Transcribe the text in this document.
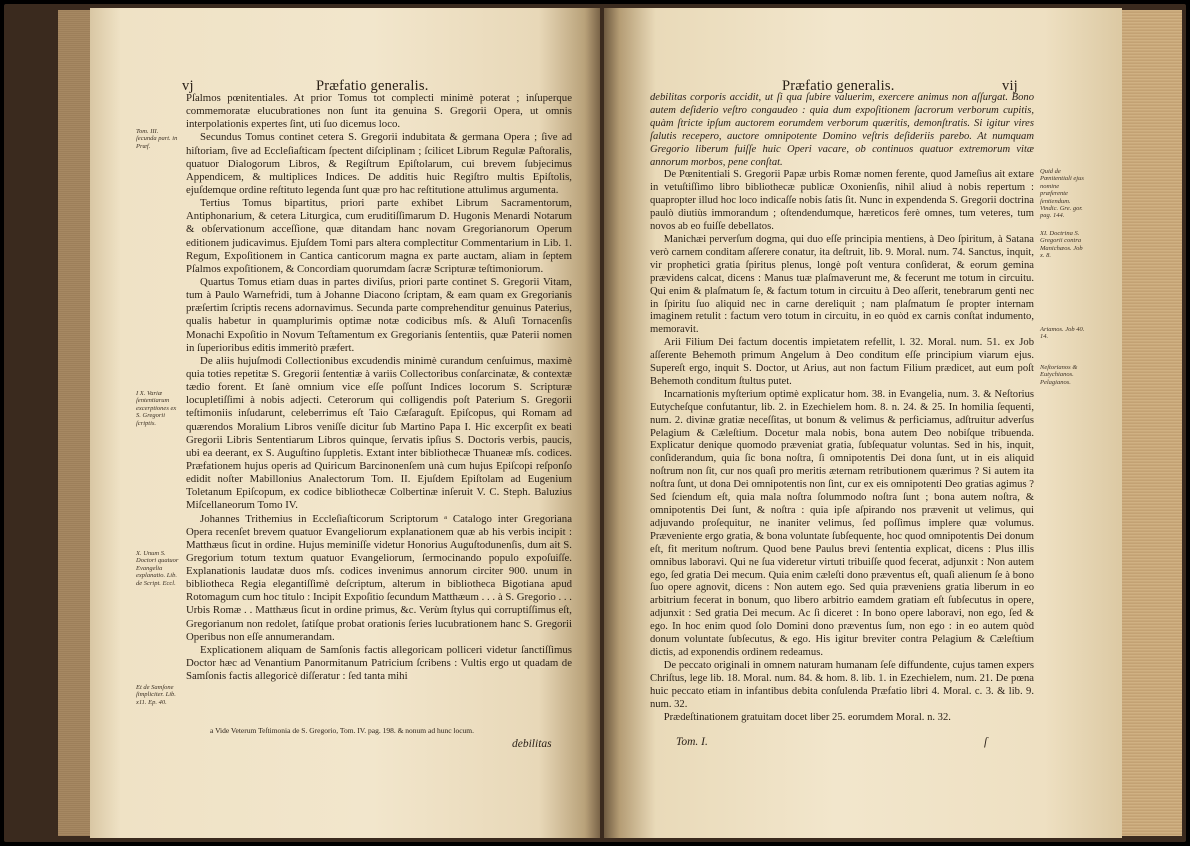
vj	Præfatio generalis.

Pſalmos pœnitentiales. At prior Tomus tot complecti minimè poterat ; inſuperque commemoratæ elucubrationes non ſunt ita genuina S. Gregorii Opera, ut omnis interpolationis expertes ſint, uti ſuo dicemus loco.

Secundus Tomus continet cetera S. Gregorii indubitata & germana Opera ; ſive ad hiſtoriam, ſive ad Eccleſiaſticam ſpectent diſciplinam ; ſcilicet Librum Regulæ Paſtoralis, quatuor Dialogorum Libros, & Regiſtrum Epiſtolarum, cui brevem ſubjecimus Appendicem, & multiplices Indices. De additis huic Regiſtro multis Epiſtolis, ejuſdemque ordine reſtituto legenda ſunt quæ pro hac reſtitutione attulimus argumenta.

Tertius Tomus bipartitus, priori parte exhibet Librum Sacramentorum, Antiphonarium, & cetera Liturgica, cum eruditiſſimarum D. Hugonis Menardi Notarum & obſervationum acceſſione, quæ ditandam hanc novam Gregorianorum Operum editionem judicavimus. Ejuſdem Tomi pars altera complectitur Commentarium in Lib. 1. Regum, Expoſitionem in Cantica canticorum magna ex parte auctam, aliam in ſeptem Pſalmos expoſitionem, & Concordiam quorumdam ſacræ Scripturæ teſtimoniorum.

Quartus Tomus etiam duas in partes diviſus, priori parte continet S. Gregorii Vitam, tum à Paulo Warnefridi, tum à Johanne Diacono ſcriptam, & eam quam ex Gregorianis præſertim ſcriptis recens adornavimus. Secunda parte comprehenditur genuinus Paterius, qualis habetur in quamplurimis optimæ notæ codicibus mſs. & Aluſi Tornacenſis Monachi Expoſitio in Novum Teſtamentum ex Gregorianis ſententiis, quæ Paterii nomen in ſuperioribus editis immeritò præfert.

De aliis hujuſmodi Collectionibus excudendis minimè curandum cenſuimus, maximè quia toties repetitæ S. Gregorii ſententiæ à variis Collectoribus conſarcinatæ, & contextæ tædio forent. Et ſanè omnium vice eſſe poſſunt Indices locorum S. Scripturæ locupletiſſimi à nobis adjecti. Ceterorum qui colligendis poſt Paterium S. Gregorii teſtimoniis inſudarunt, celeberrimus eſt Taio Cæſaraguſt. Epiſcopus, qui Romam ad quærendos Moralium Libros veniſſe dicitur ſub Martino Papa I. Hic excerpſit ex beati Gregorii Libris Sententiarum Libros quinque, ſervatis ipſius S. Doctoris verbis, paucis, ubi ea deerant, ex S. Auguſtino ſuppletis. Extant inter bibliothecæ Thuaneæ mſs. codices. Præfationem hujus operis ad Quiricum Barcinonenſem unà cum hujus Epiſcopi reſponſo edidit noſter Mabillonius Analectorum Tom. II. Ejuſdem Epiſtolam ad Eugenium Toletanum Epiſcopum, ex codice bibliothecæ Colbertinæ inſeruit V. C. Steph. Baluzius Miſcellaneorum Tomo IV.

Johannes Trithemius in Eccleſiaſticorum Scriptorum ᵃ Catalogo inter Gregoriana Opera recenſet brevem quatuor Evangeliorum explanationem quæ ab his verbis incipit : Matthæus ſicut in ordine. Hujus meminiſſe videtur Honorius Auguſtodunenſis, dum ait S. Gregorium totum textum quatuor Evangeliorum, ſermocinando populo expoſuiſſe. Explanationis laudatæ duos mſs. codices invenimus annorum circiter 900. unum in bibliotheca Regia elegantiſſimè deſcriptum, alterum in bibliotheca Bigotiana apud Rotomagum cum hoc titulo : Incipit Expoſitio ſecundum Matthæum . . . à S. Gregorio . . . Urbis Romæ . . Matthæus ſicut in ordine primus, &c. Verùm ſtylus qui corruptiſſimus eſt, Gregorianum non redolet, ſatiſque probat orationis ſeries lucubrationem hanc S. Gregorii Operibus non eſſe annumerandam.

Explicationem aliquam de Samſonis factis allegoricam polliceri videtur ſanctiſſimus Doctor hæc ad Venantium Panormitanum Patricium ſcribens : Vultis ergo ut quadam de Samſonis factis allegoricè diſſeratur : ſed tanta mihi

Tom. III. ſecunda part. in Præf.
I X. Variæ ſententiarum excerptiones ex S. Gregorii ſcriptis.
X. Unum S. Doctori quatuor Evangelia explanatio. Lib. de Script. Eccl.
Et de Samſone ſimpliciter. Lib. x11. Ep. 40.
a Vide Veterum Teſtimonia de S. Gregorio, Tom. IV. pag. 198. & nonum ad hunc locum.
debilitas
Præfatio generalis.	vij

debilitas corporis accidit, ut ſi qua ſubire valuerim, exercere animus non aſſurgat. Bono autem deſiderio veſtro congaudeo : quia dum expoſitionem ſacrorum verborum cupitis, quàm ſtricte ipſum auctorem eorumdem verborum quæritis, demonſtratis. Si igitur vires ſalutis recepero, auctore omnipotente Domino veſtris deſideriis parebo. At numquam Gregorio liberum fuiſſe huic Operi vacare, ob continuos quatuor extremorum vitæ annorum morbos, pene conſtat.

De Pœnitentiali S. Gregorii Papæ urbis Romæ nomen ferente, quod Jameſius ait extare in vetuſtiſſimo libro bibliothecæ publicæ Oxonienſis, nihil aliud à nobis repertum : quapropter illud hoc loco indicaſſe nobis ſatis ſit. Nunc in expendenda S. Gregorii doctrina paulò diutiùs immorandum ; oſtendendumque, hæreticos ferè omnes, tum veteres, tum novos ab eo fuiſſe debellatos.

Manichæi perverſum dogma, qui duo eſſe principia mentiens, à Deo ſpiritum, à Satana verò carnem conditam aſſerere conatur, ita deſtruit, lib. 9. Moral. num. 74. Sanctus, inquit, vir propheticì gratia ſpiritus plenus, longè poſt ventura conſiderat, & eorum gemina prævidens calcat, dicens : Manus tuæ plaſmaverunt me, & fecerunt me totum in circuitu. Qui enim & plaſmatum ſe, & factum totum in circuitu à Deo aſſerit, tenebrarum genti nec in ſpiritu ſuo aliquid nec in carne dereliquit ; nam plaſmatum ſe propter internam imaginem retulit : factum vero totum in circuitu, in eo quòd ex carnis conſtat indumento, memoravit.

Arii Filium Dei factum docentis impietatem refellit, l. 32. Moral. num. 51. ex Job aſſerente Behemoth primum Angelum à Deo conditum eſſe principium viarum ejus. Supereſt ergo, inquit S. Doctor, ut Arius, aut non factum Filium prædicet, aut eum poſt Behemoth conditum ſtultus putet.

Incarnationis myſterium optimè explicatur hom. 38. in Evangelia, num. 3. & Neſtorius Eutycheſque confutantur, lib. 2. in Ezechielem hom. 8. n. 24. & 25. In homilia ſequenti, num. 2. divinæ gratiæ neceſſitas, ut bonum & velimus & perficiamus, adſtruitur adverſus Pelagium & Cæleſtium. Docetur mala nobis, bona autem Deo nobiſque tribuenda. Explicatur denique quomodo præveniat gratia, ſubſequatur voluntas. Sed in his, inquit, conſiderandum, quia ſic bona noſtra, ſi omnipotentis Dei dona ſunt, ut in eis aliquid noſtrum non ſit, cur nos quaſi pro meritis æternam retributionem quærimus ? Si autem ita noſtra ſunt, ut dona Dei omnipotentis non ſint, cur ex eis omnipotenti Deo gratias agimus ? Sed ſciendum eſt, quia mala noſtra ſolummodo noſtra ſunt ; bona autem noſtra, & omnipotentis Dei ſunt, & noſtra : quia ipſe aſpirando nos prævenit ut velimus, qui adjuvando proſequitur, ne inaniter velimus, ſed poſſimus implere quæ volumus. Præveniente ergo gratia, & bona voluntate ſubſequente, hoc quod omnipotentis Dei donum eſt, fit meritum noſtrum. Quod bene Paulus brevi ſententia explicat, dicens : Plus illis omnibus laboravi. Qui ne ſua videretur virtuti tribuiſſe quod fecerat, adjunxit : Non autem ego, ſed gratia Dei mecum. Quia enim cæleſti dono præventus eſt, quaſi alienum ſe à bono ſuo opere agnovit, dicens : Non autem ego. Sed quia præveniens gratia liberum in eo arbitrium fecerat in bonum, quo libero arbitrio eamdem gratiam eſt ſubſecutus in opere, adjunxit : Sed gratia Dei mecum. Ac ſi diceret : In bono opere laboravi, non ego, ſed & ego. In hoc enim quod ſolo Domini dono præventus ſum, non ego : in eo autem quòd donum voluntate ſubſecutus, & ego. His igitur breviter contra Pelagium & Cæleſtium dictis, ad exponendis ordinem redeamus.

De peccato originali in omnem naturam humanam ſeſe diffundente, cujus tamen expers Chriſtus, lege lib. 18. Moral. num. 84. & hom. 8. lib. 1. in Ezechielem, num. 21. De pœna huic peccato etiam in infantibus debita conſulenda Præfatio libri 4. Moral. c. 3. & lib. 9. num. 32.

Prædeſtinationem gratuitam docet liber 25. eorumdem Moral. n. 32.

Quid de Pœnitentiali ejus nomine præferente ſentiendum. Vindic. Gre. gor. pag. 144.
XI. Doctrina S. Gregorii contra Manichæos. Job x. 8.
Ariamos. Job 40. 14.
Neſtorianos & Eutychianos. Pelagianos.
Tom. I.	ſ
